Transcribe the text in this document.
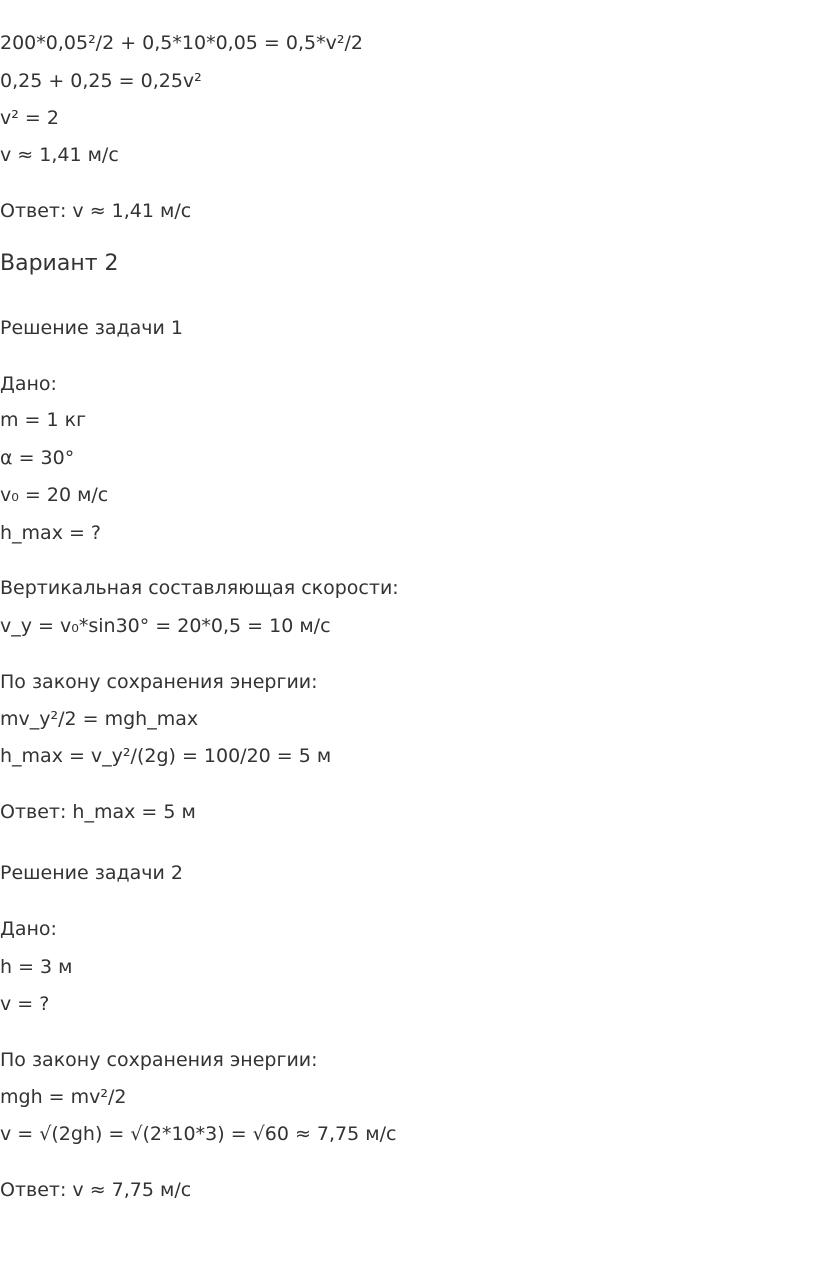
200*0,05²/2 + 0,5*10*0,05 = 0,5*v²/2
0,25 + 0,25 = 0,25v²
v² = 2
v ≈ 1,41 м/с
Ответ: v ≈ 1,41 м/с
Вариант 2
Решение задачи 1
Дано:
m = 1 кг
α = 30°
v₀ = 20 м/с
h_max = ?
Вертикальная составляющая скорости:
v_y = v₀*sin30° = 20*0,5 = 10 м/с
По закону сохранения энергии:
mv_y²/2 = mgh_max
h_max = v_y²/(2g) = 100/20 = 5 м
Ответ: h_max = 5 м
Решение задачи 2
Дано:
h = 3 м
v = ?
По закону сохранения энергии:
mgh = mv²/2
v = √(2gh) = √(2*10*3) = √60 ≈ 7,75 м/с
Ответ: v ≈ 7,75 м/с
